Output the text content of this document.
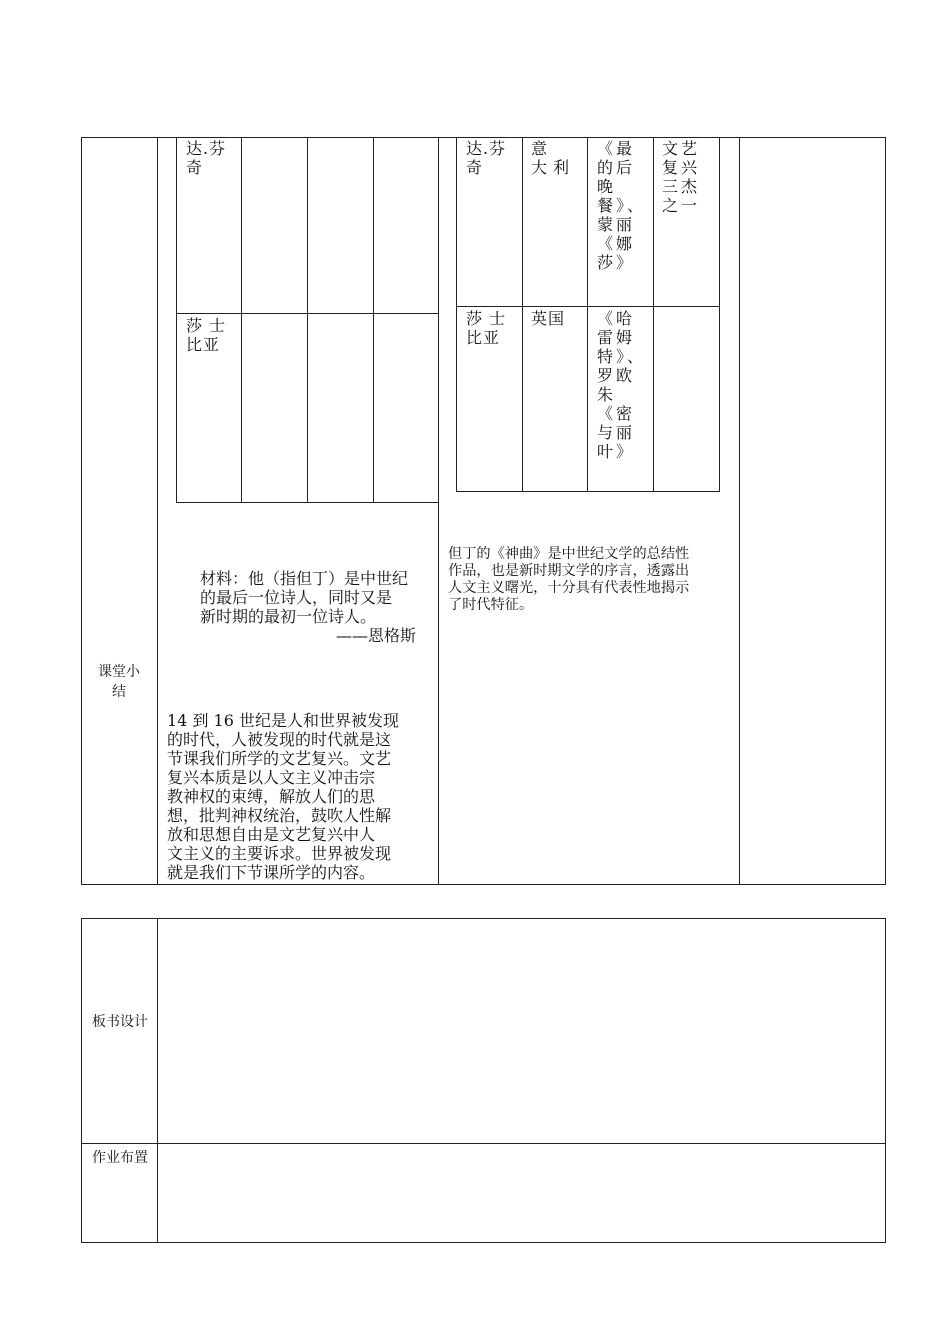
课堂小结
达.芬奇
莎 士比亚
达.芬奇
意 大利
《最的后晚餐》、蒙丽《娜莎》
文艺复兴三杰之一
莎 士比亚
英国	《哈雷姆特》、罗欧朱《密与丽叶》
材料：他（指但丁）是中世纪
的最后一位诗人，同时又是
新时期的最初一位诗人。
——恩格斯
14 到 16 世纪是人和世界被发现
的时代，人被发现的时代就是这
节课我们所学的文艺复兴。文艺
复兴本质是以人文主义冲击宗
教神权的束缚，解放人们的思
想，批判神权统治，鼓吹人性解
放和思想自由是文艺复兴中人
文主义的主要诉求。世界被发现
就是我们下节课所学的内容。
但丁的《神曲》是中世纪文学的总结性
作品，也是新时期文学的序言，透露出
人文主义曙光，十分具有代表性地揭示
了时代特征。
板书设计
作业布置
